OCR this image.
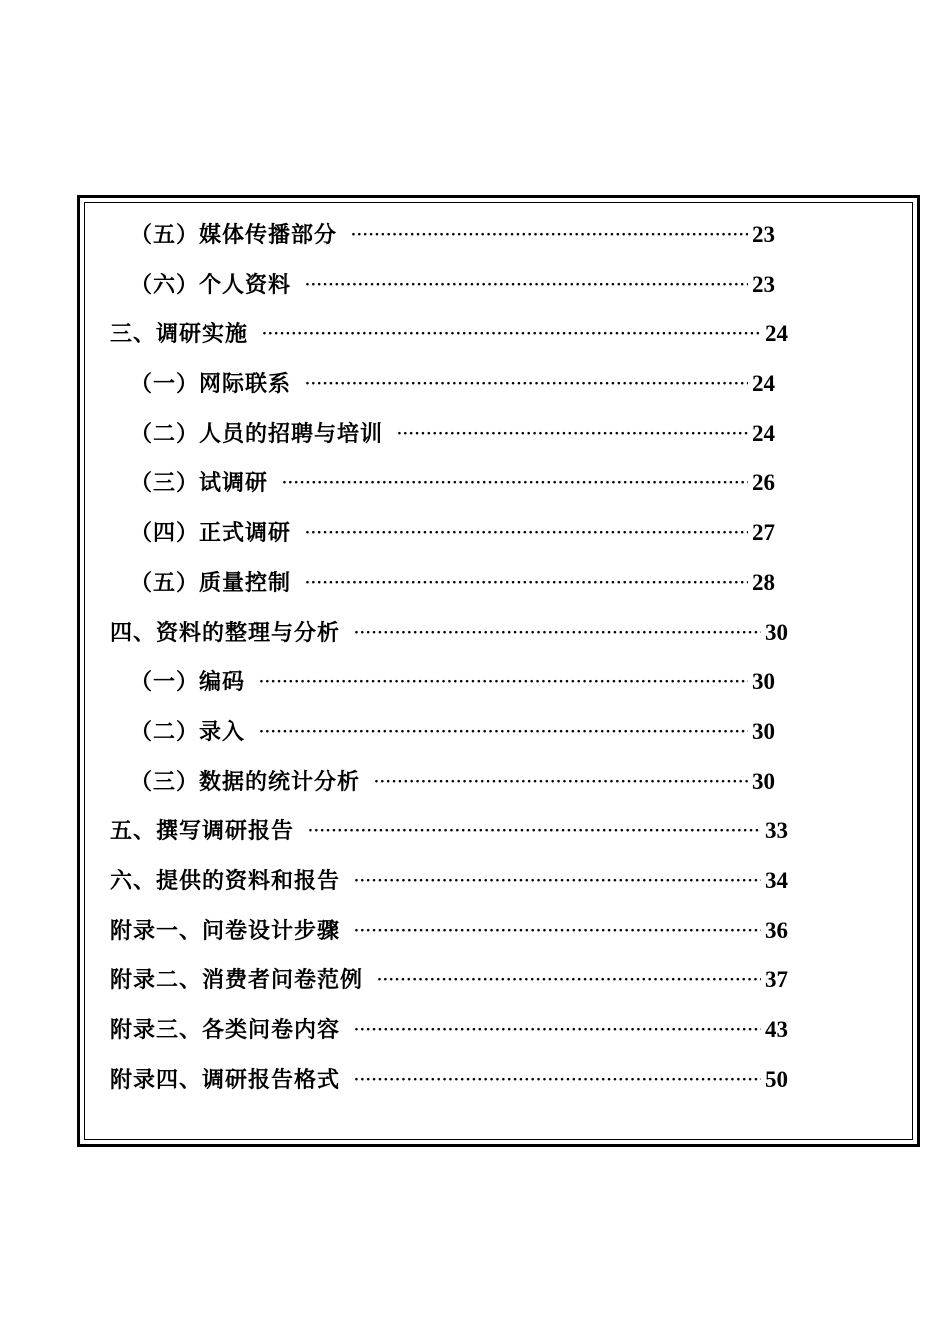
（五）媒体传播部分 ·····	23
（六）个人资料 ·····	23
三、调研实施 ·····	24
（一）网际联系 ·····	24
（二）人员的招聘与培训 ·····	24
（三）试调研 ·····	26
（四）正式调研 ·····	27
（五）质量控制 ·····	28
四、资料的整理与分析 ·····	30
（一）编码 ·····	30
（二）录入 ·····	30
（三）数据的统计分析 ·····	30
五、撰写调研报告 ·····	33
六、提供的资料和报告 ·····	34
附录一、问卷设计步骤 ·····	36
附录二、消费者问卷范例 ·····	37
附录三、各类问卷内容 ·····	43
附录四、调研报告格式 ·····	50
